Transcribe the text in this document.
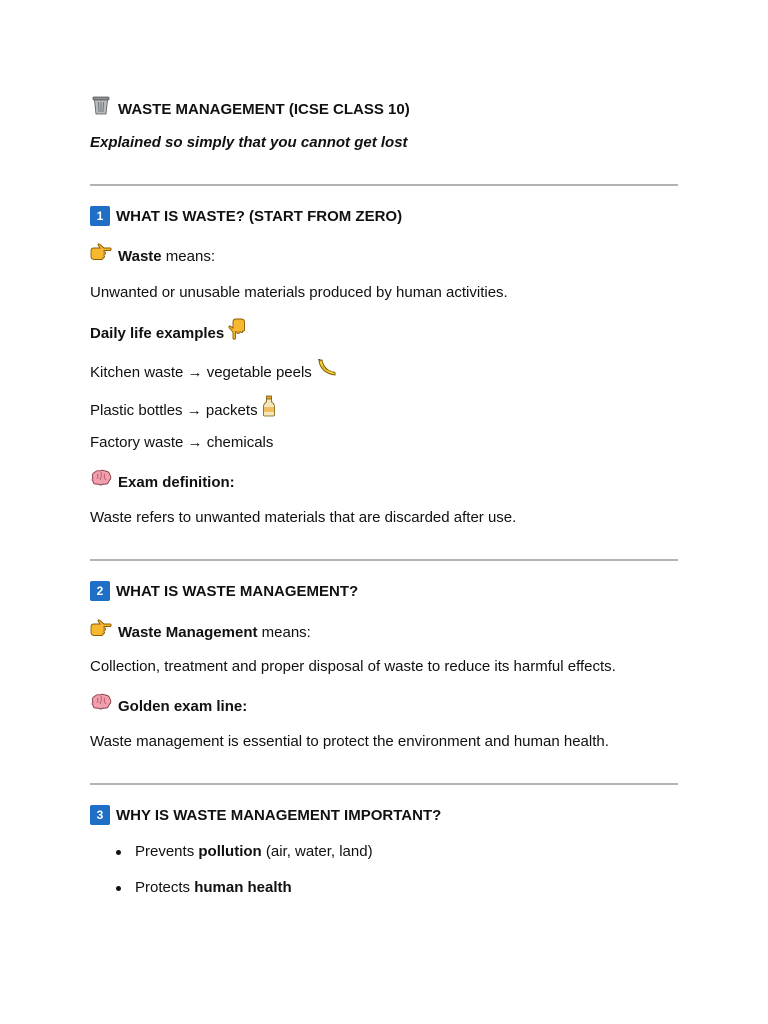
WASTE MANAGEMENT (ICSE CLASS 10)
Explained so simply that you cannot get lost
1 WHAT IS WASTE? (START FROM ZERO)
Waste means:
Unwanted or unusable materials produced by human activities.
Daily life examples
Kitchen waste → vegetable peels
Plastic bottles → packets
Factory waste → chemicals
Exam definition:
Waste refers to unwanted materials that are discarded after use.
2 WHAT IS WASTE MANAGEMENT?
Waste Management means:
Collection, treatment and proper disposal of waste to reduce its harmful effects.
Golden exam line:
Waste management is essential to protect the environment and human health.
3 WHY IS WASTE MANAGEMENT IMPORTANT?
Prevents pollution (air, water, land)
Protects human health
